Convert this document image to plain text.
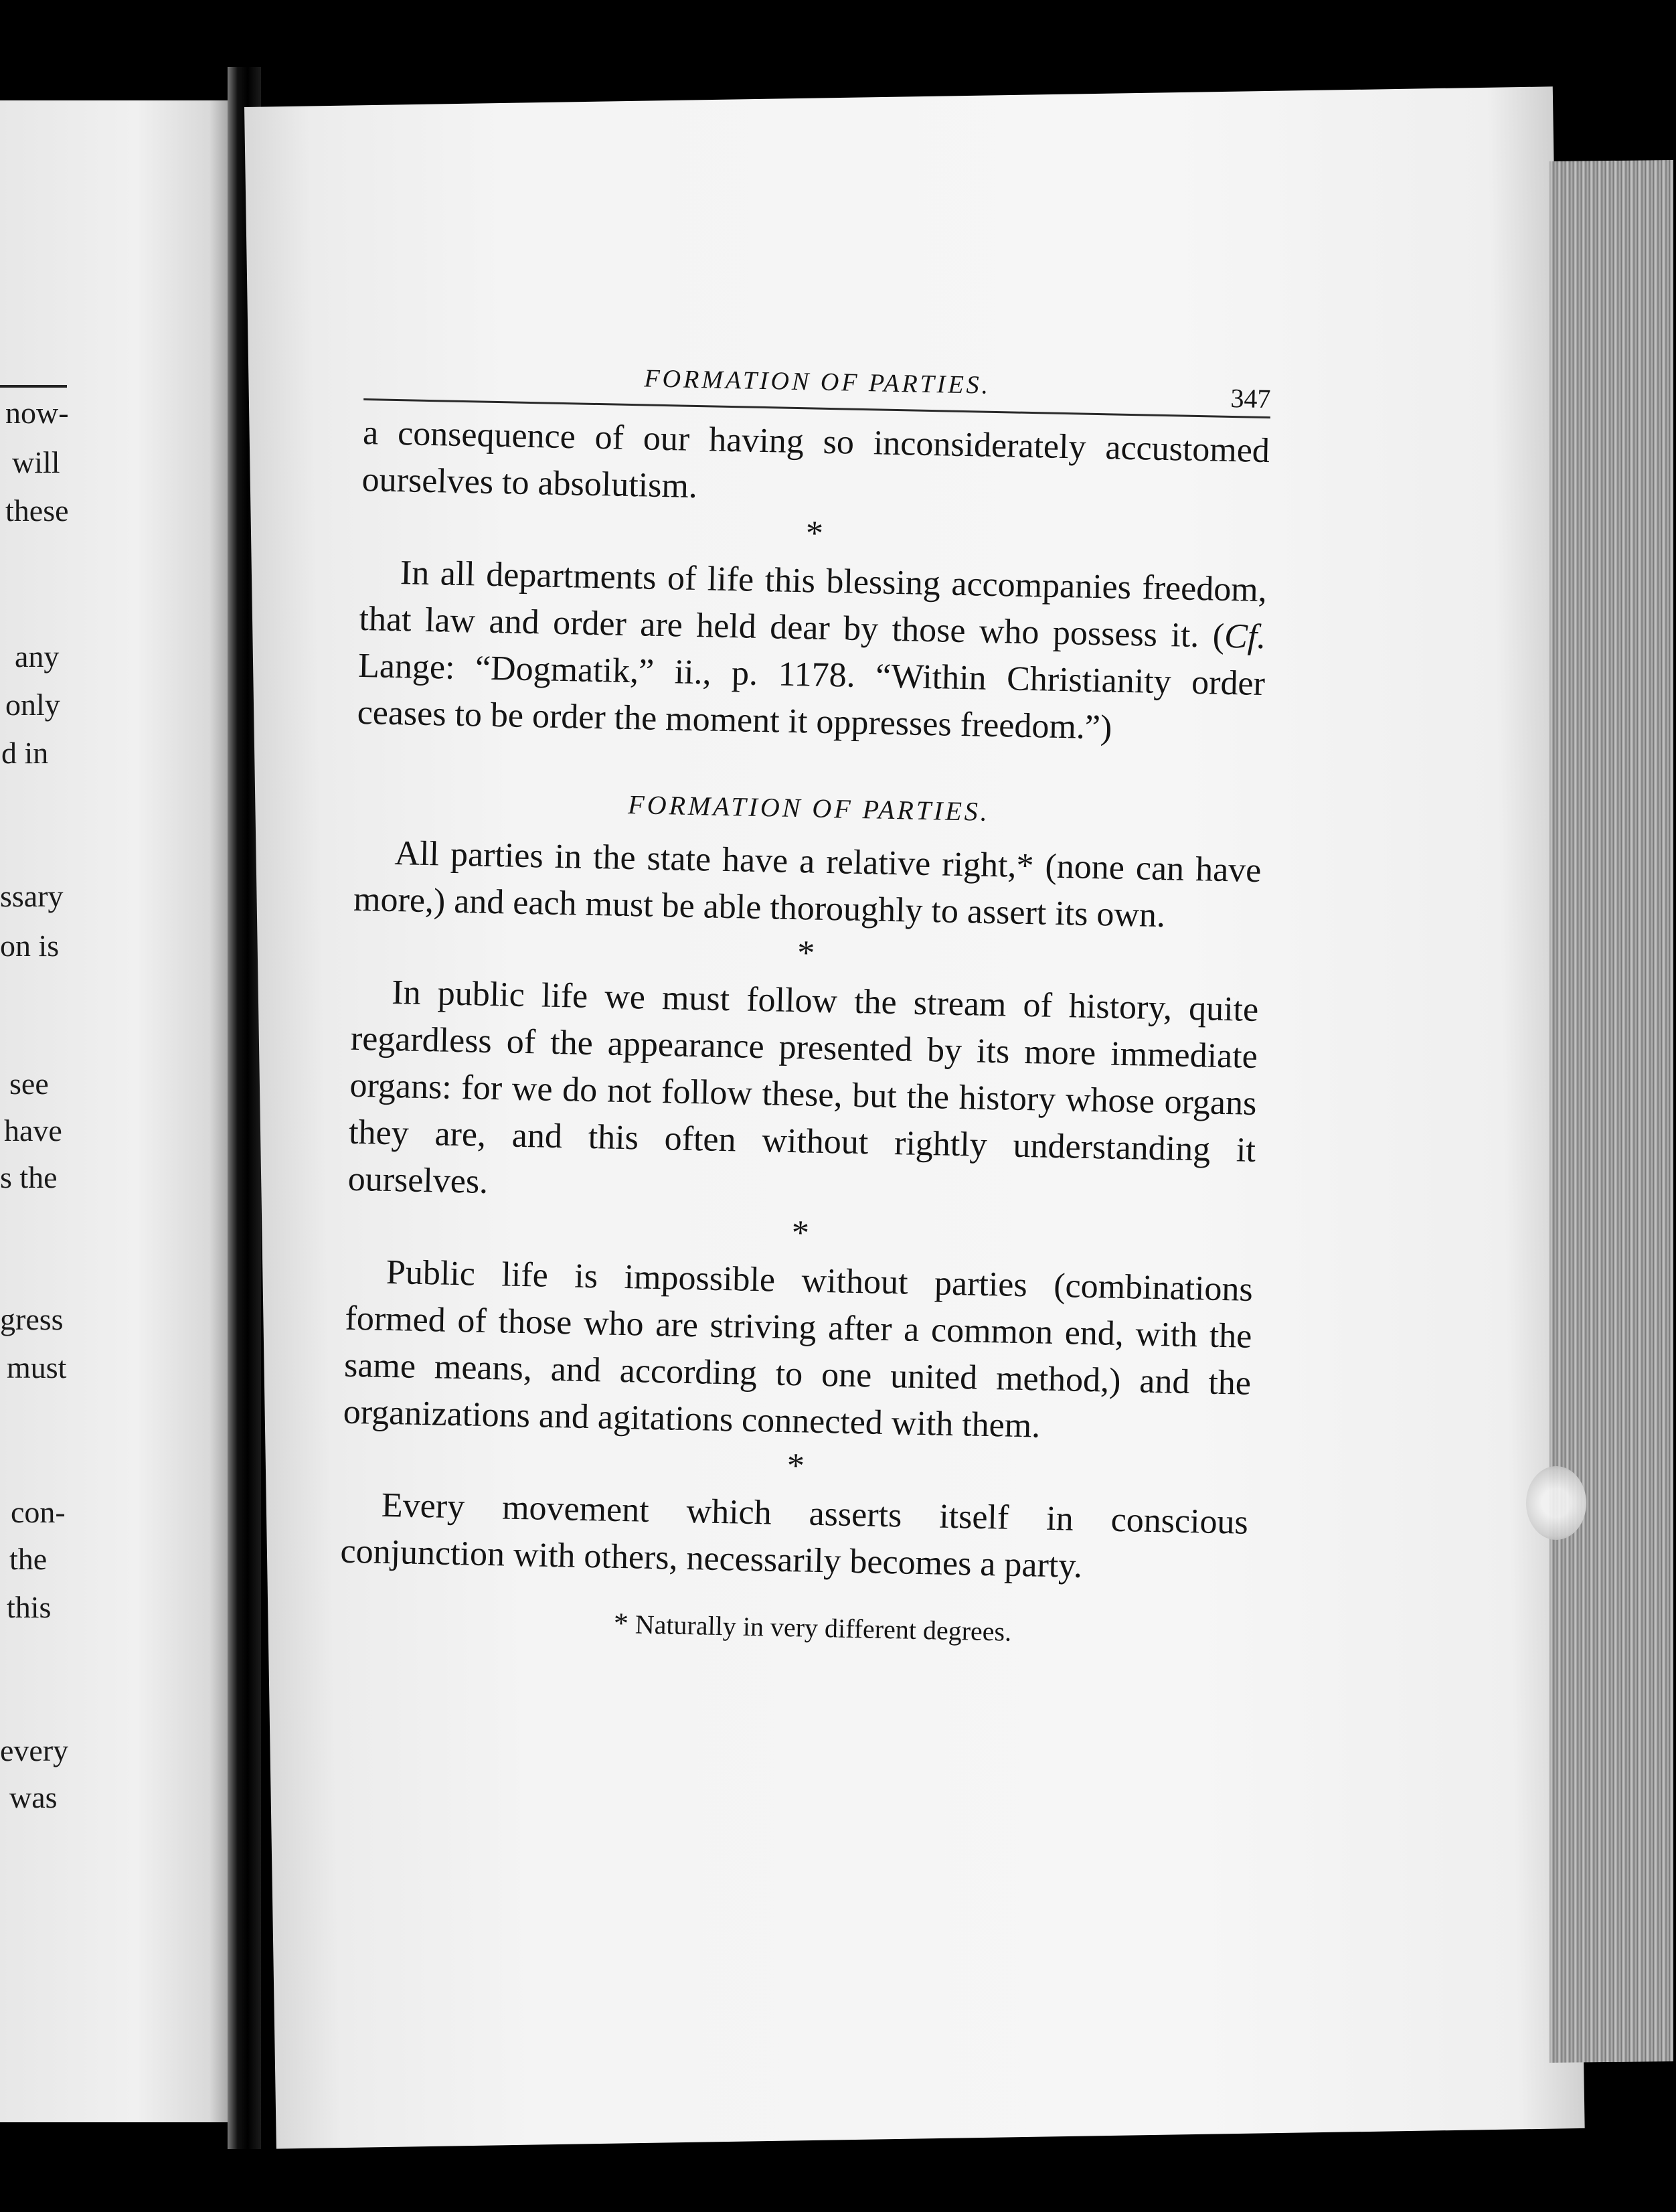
now-
will
these
any
only
d in
ssary
on is
see
have
s the
gress
must
con-
the
this
every
was
FORMATION OF PARTIES.	347

a consequence of our having so inconsiderately accustomed ourselves to absolutism.

*

In all departments of life this blessing accompanies freedom, that law and order are held dear by those who possess it. (Cf. Lange: “Dogmatik,” ii., p. 1178. “Within Christianity order ceases to be order the moment it oppresses freedom.”)

FORMATION OF PARTIES.

All parties in the state have a relative right,* (none can have more,) and each must be able thoroughly to assert its own.

*

In public life we must follow the stream of history, quite regardless of the appearance presented by its more immediate organs: for we do not follow these, but the history whose organs they are, and this often without rightly understanding it ourselves.

*

Public life is impossible without parties (combinations formed of those who are striving after a common end, with the same means, and according to one united method,) and the organizations and agitations connected with them.

*

Every movement which asserts itself in conscious conjunction with others, necessarily becomes a party.

* Naturally in very different degrees.
